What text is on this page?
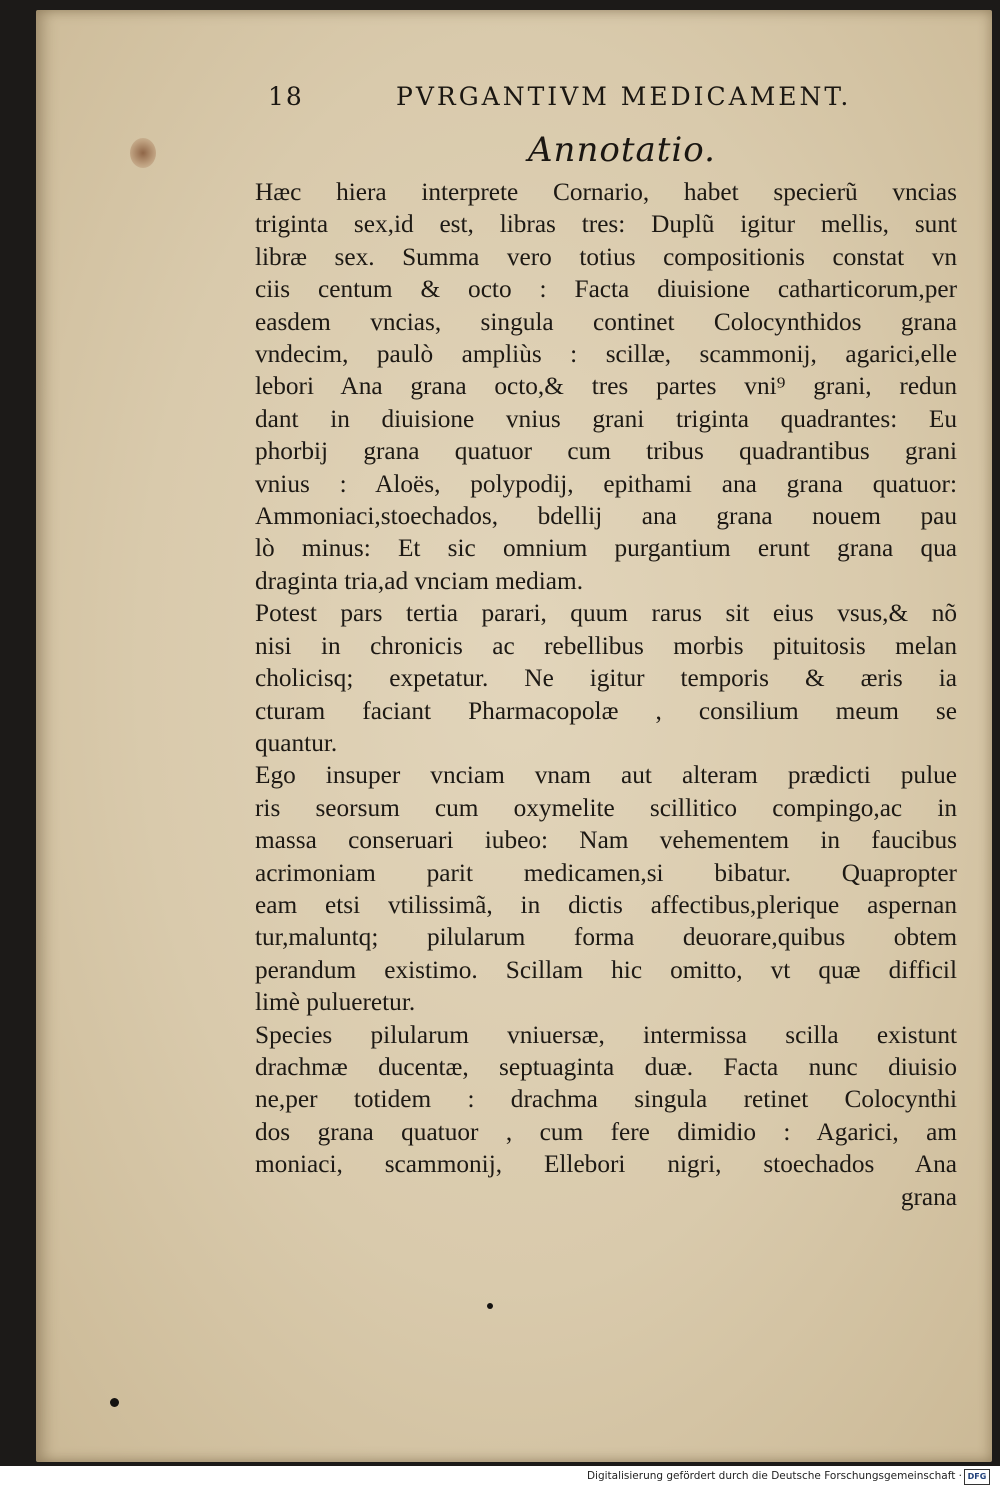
18	PVRGANTIVM MEDICAMENT.
Annotatio.
Hæc hiera interprete Cornario, habet specierũ vncias
triginta sex,id est, libras tres: Duplũ igitur mellis, sunt
libræ sex. Summa vero totius compositionis constat vn
ciis centum & octo : Facta diuisione catharticorum,per
easdem vncias, singula continet Colocynthidos grana
vndecim, paulò ampliùs : scillæ, scammonij, agarici,elle
lebori Ana grana octo,& tres partes vni⁹ grani, redun
dant in diuisione vnius grani triginta quadrantes: Eu
phorbij grana quatuor cum tribus quadrantibus grani
vnius : Aloës, polypodij, epithami ana grana quatuor:
Ammoniaci,stoechados, bdellij ana grana nouem pau
lò minus: Et sic omnium purgantium erunt grana qua
draginta tria,ad vnciam mediam.
Potest pars tertia parari, quum rarus sit eius vsus,& nõ
nisi in chronicis ac rebellibus morbis pituitosis melan
cholicisq; expetatur. Ne igitur temporis & æris ia
cturam faciant Pharmacopolæ , consilium meum se
quantur.
Ego insuper vnciam vnam aut alteram prædicti pulue
ris seorsum cum oxymelite scillitico compingo,ac in
massa conseruari iubeo: Nam vehementem in faucibus
acrimoniam parit medicamen,si bibatur. Quapropter
eam etsi vtilissimã, in dictis affectibus,plerique aspernan
tur,maluntq; pilularum forma deuorare,quibus obtem
perandum existimo. Scillam hic omitto, vt quæ difficil
limè pulueretur.
Species pilularum vniuersæ, intermissa scilla existunt
drachmæ ducentæ, septuaginta duæ. Facta nunc diuisio
ne,per totidem : drachma singula retinet Colocynthi
dos grana quatuor , cum fere dimidio : Agarici, am
moniaci, scammonij, Ellebori nigri, stoechados Ana
grana
Digitalisierung gefördert durch die Deutsche Forschungsgemeinschaft · DFG
